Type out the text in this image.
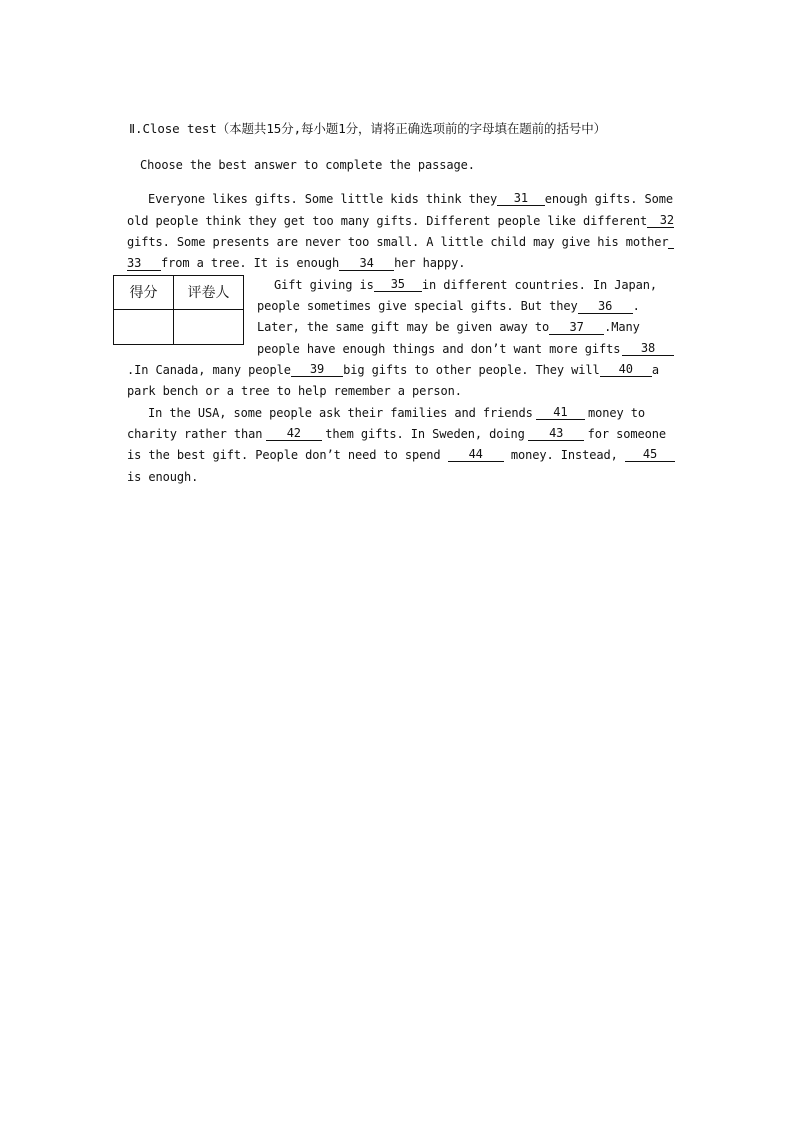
Ⅱ.Close test（本题共15分,每小题1分，请将正确选项前的字母填在题前的括号中）
Choose the best answer to complete the passage.
Everyone likes gifts. Some little kids think they	31	enough gifts. Some
old people think they get too many gifts. Different people like different	32
gifts. Some presents are never too small. A little child may give his mother
33 from a tree. It is enough 34 her happy.
得分	评卷人	Gift giving is	35	in different countries. In Japan,
people sometimes give special gifts. But they 36 .
Later, the same gift may be given away to 37 .Many
people have enough things and don’t want more gifts	38
.In Canada, many people	39	big gifts to other people. They will	40	a
park bench or a tree to help remember a person.
In the USA, some people ask their families and friends	41	money to
charity rather than	42	them gifts. In Sweden, doing	43	for someone
is the best gift. People don’t need to spend	44	money. Instead,	45
is enough.
